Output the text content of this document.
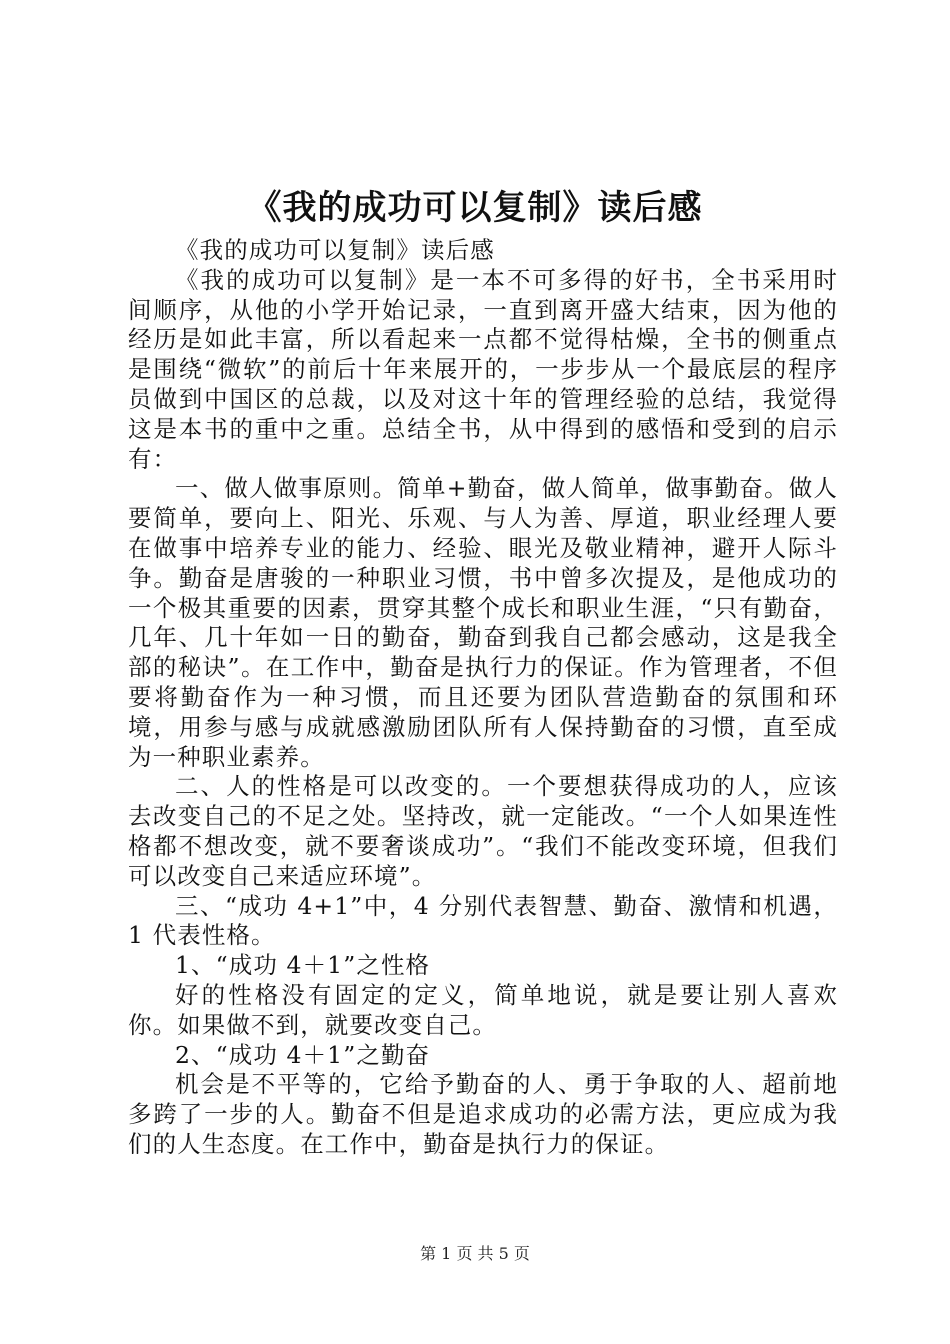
《我的成功可以复制》读后感

《我的成功可以复制》读后感

《我的成功可以复制》是一本不可多得的好书，全书采用时间顺序，从他的小学开始记录，一直到离开盛大结束，因为他的经历是如此丰富，所以看起来一点都不觉得枯燥，全书的侧重点是围绕“微软”的前后十年来展开的，一步步从一个最底层的程序员做到中国区的总裁，以及对这十年的管理经验的总结，我觉得这是本书的重中之重。总结全书，从中得到的感悟和受到的启示有：

一、做人做事原则。简单+勤奋，做人简单，做事勤奋。做人要简单，要向上、阳光、乐观、与人为善、厚道，职业经理人要在做事中培养专业的能力、经验、眼光及敬业精神，避开人际斗争。勤奋是唐骏的一种职业习惯，书中曾多次提及，是他成功的一个极其重要的因素，贯穿其整个成长和职业生涯，“只有勤奋，几年、几十年如一日的勤奋，勤奋到我自己都会感动，这是我全部的秘诀”。在工作中，勤奋是执行力的保证。作为管理者，不但要将勤奋作为一种习惯，而且还要为团队营造勤奋的氛围和环境，用参与感与成就感激励团队所有人保持勤奋的习惯，直至成为一种职业素养。

二、人的性格是可以改变的。一个要想获得成功的人，应该去改变自己的不足之处。坚持改，就一定能改。“一个人如果连性格都不想改变，就不要奢谈成功”。“我们不能改变环境，但我们可以改变自己来适应环境”。

三、“成功 4+1”中，4 分别代表智慧、勤奋、激情和机遇，1 代表性格。

1、“成功 4＋1”之性格

好的性格没有固定的定义，简单地说，就是要让别人喜欢你。如果做不到，就要改变自己。

2、“成功 4＋1”之勤奋

机会是不平等的，它给予勤奋的人、勇于争取的人、超前地多跨了一步的人。勤奋不但是追求成功的必需方法，更应成为我们的人生态度。在工作中，勤奋是执行力的保证。

第 1 页 共 5 页
